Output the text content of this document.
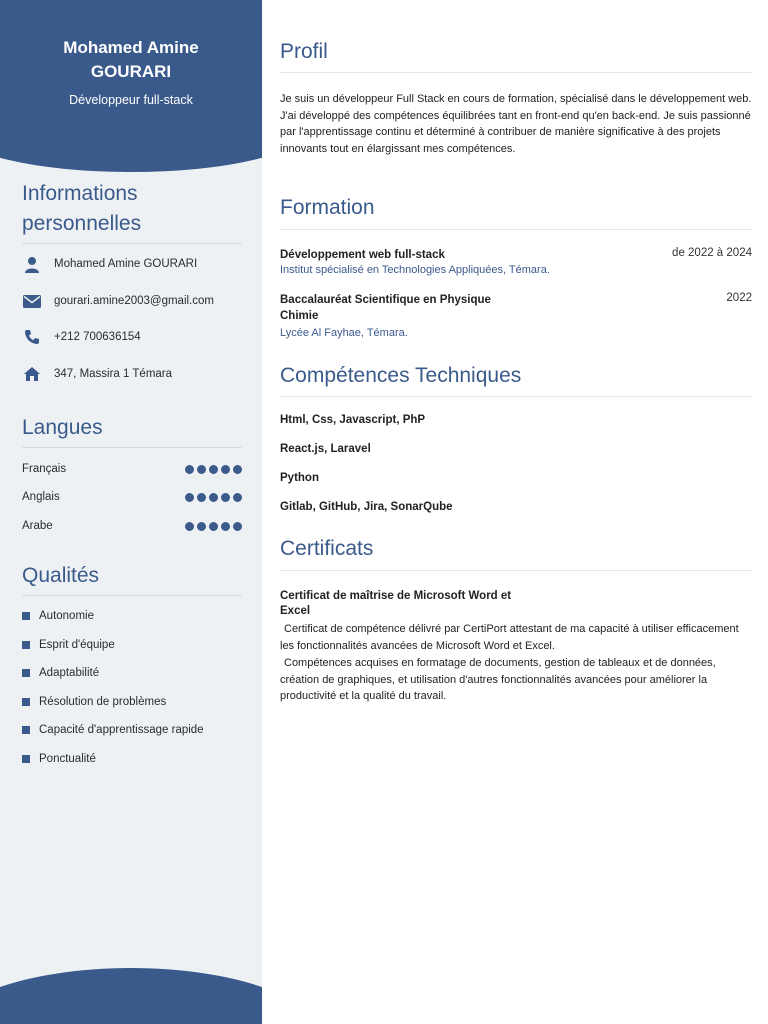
Mohamed Amine
GOURARI
Développeur full-stack
Informations
personnelles
Mohamed Amine GOURARI
gourari.amine2003@gmail.com
+212 700636154
347, Massira 1 Témara
Langues
Français
Anglais
Arabe
Qualités
Autonomie
Esprit d'équipe
Adaptabilité
Résolution de problèmes
Capacité d'apprentissage rapide
Ponctualité
Profil
Je suis un développeur Full Stack en cours de formation, spécialisé dans le développement web. J'ai développé des compétences équilibrées tant en front-end qu'en back-end. Je suis passionné par l'apprentissage continu et déterminé à contribuer de manière significative à des projets innovants tout en élargissant mes compétences.
Formation
Développement web full-stack	de 2022 à 2024
Institut spécialisé en Technologies Appliquées, Témara.
Baccalauréat Scientifique en Physique
Chimie
2022
Lycée Al Fayhae, Témara.
Compétences Techniques
Html, Css, Javascript, PhP
React.js, Laravel
Python
Gitlab, GitHub, Jira, SonarQube
Certificats
Certificat de maîtrise de Microsoft Word et
Excel
Certificat de compétence délivré par CertiPort attestant de ma capacité à utiliser efficacement les fonctionnalités avancées de Microsoft Word et Excel.
Compétences acquises en formatage de documents, gestion de tableaux et de données, création de graphiques, et utilisation d'autres fonctionnalités avancées pour améliorer la productivité et la qualité du travail.
